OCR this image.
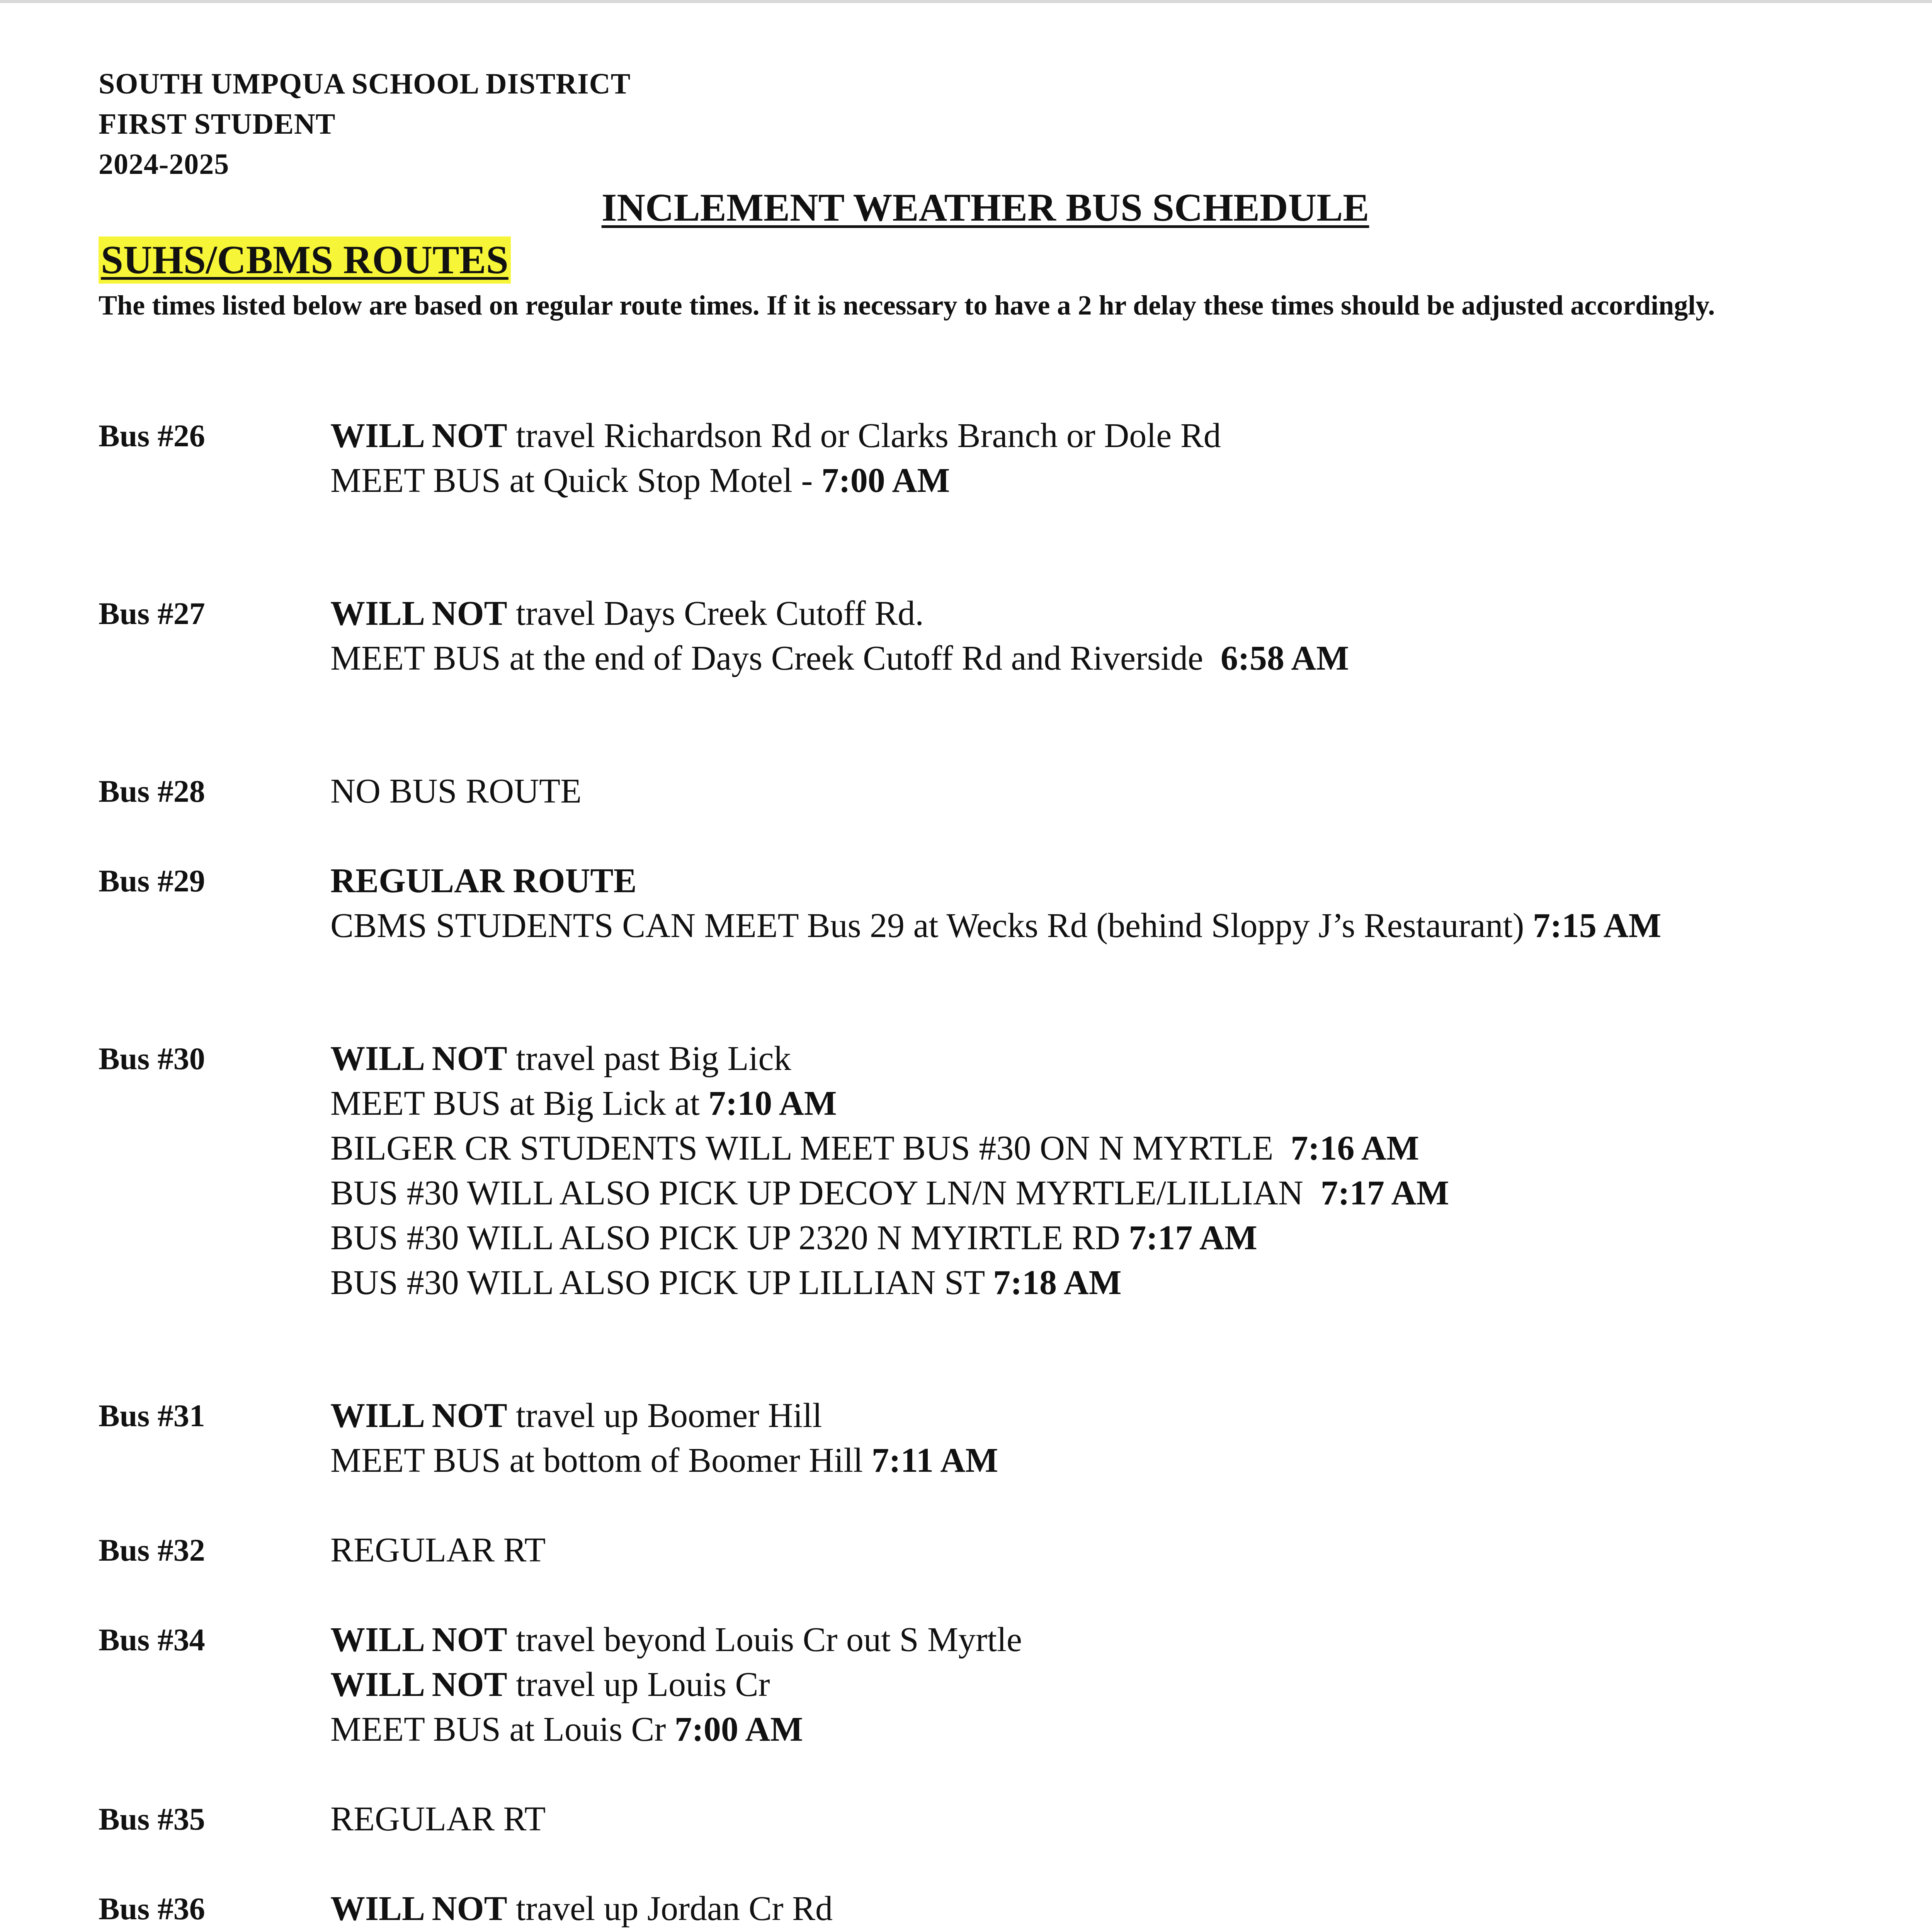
SOUTH UMPQUA SCHOOL DISTRICT
FIRST STUDENT
2024-2025
INCLEMENT WEATHER BUS SCHEDULE
SUHS/CBMS ROUTES
The times listed below are based on regular route times. If it is necessary to have a 2 hr delay these times should be adjusted accordingly.
Bus #26	WILL NOT travel Richardson Rd or Clarks Branch or Dole Rd
MEET BUS at Quick Stop Motel - 7:00 AM
Bus #27	WILL NOT travel Days Creek Cutoff Rd.
MEET BUS at the end of Days Creek Cutoff Rd and Riverside  6:58 AM
Bus #28	NO BUS ROUTE
Bus #29	REGULAR ROUTE
CBMS STUDENTS CAN MEET Bus 29 at Wecks Rd (behind Sloppy J’s Restaurant) 7:15 AM
Bus #30	WILL NOT travel past Big Lick
MEET BUS at Big Lick at 7:10 AM
BILGER CR STUDENTS WILL MEET BUS #30 ON N MYRTLE  7:16 AM
BUS #30 WILL ALSO PICK UP DECOY LN/N MYRTLE/LILLIAN  7:17 AM
BUS #30 WILL ALSO PICK UP 2320 N MYIRTLE RD 7:17 AM
BUS #30 WILL ALSO PICK UP LILLIAN ST 7:18 AM
Bus #31	WILL NOT travel up Boomer Hill
MEET BUS at bottom of Boomer Hill 7:11 AM
Bus #32	REGULAR RT
Bus #34	WILL NOT travel beyond Louis Cr out S Myrtle
WILL NOT travel up Louis Cr
MEET BUS at Louis Cr 7:00 AM
Bus #35	REGULAR RT
Bus #36	WILL NOT travel up Jordan Cr Rd
